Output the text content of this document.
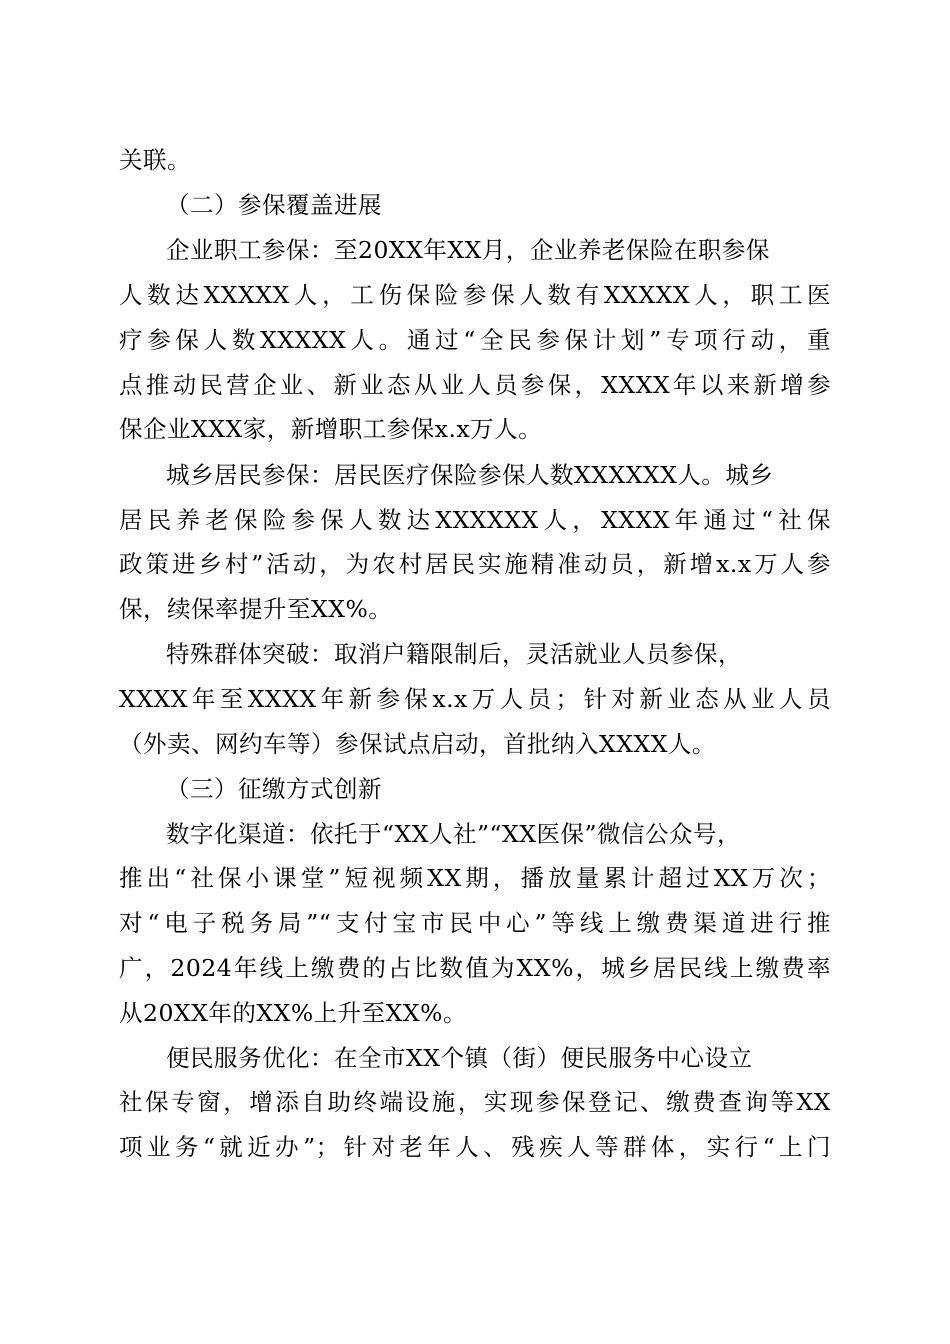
关联。
（二）参保覆盖进展
企业职工参保：至20XX年XX月，企业养老保险在职参保
人数达XXXXX人，工伤保险参保人数有XXXXX人，职工医
疗参保人数XXXXX人。通过“全民参保计划”专项行动，重
点推动民营企业、新业态从业人员参保，XXXX年以来新增参
保企业XXX家，新增职工参保x.x万人。
城乡居民参保：居民医疗保险参保人数XXXXXX人。城乡
居民养老保险参保人数达XXXXXX人，XXXX年通过“社保
政策进乡村”活动，为农村居民实施精准动员，新增x.x万人参
保，续保率提升至XX%。
特殊群体突破：取消户籍限制后，灵活就业人员参保，
XXXX年至XXXX年新参保x.x万人员；针对新业态从业人员
（外卖、网约车等）参保试点启动，首批纳入XXXX人。
（三）征缴方式创新
数字化渠道：依托于“XX人社”“XX医保”微信公众号，
推出“社保小课堂”短视频XX期，播放量累计超过XX万次；
对“电子税务局”“支付宝市民中心”等线上缴费渠道进行推
广，2024年线上缴费的占比数值为XX%，城乡居民线上缴费率
从20XX年的XX%上升至XX%。
便民服务优化：在全市XX个镇（街）便民服务中心设立
社保专窗，增添自助终端设施，实现参保登记、缴费查询等XX
项业务“就近办”；针对老年人、残疾人等群体，实行“上门
